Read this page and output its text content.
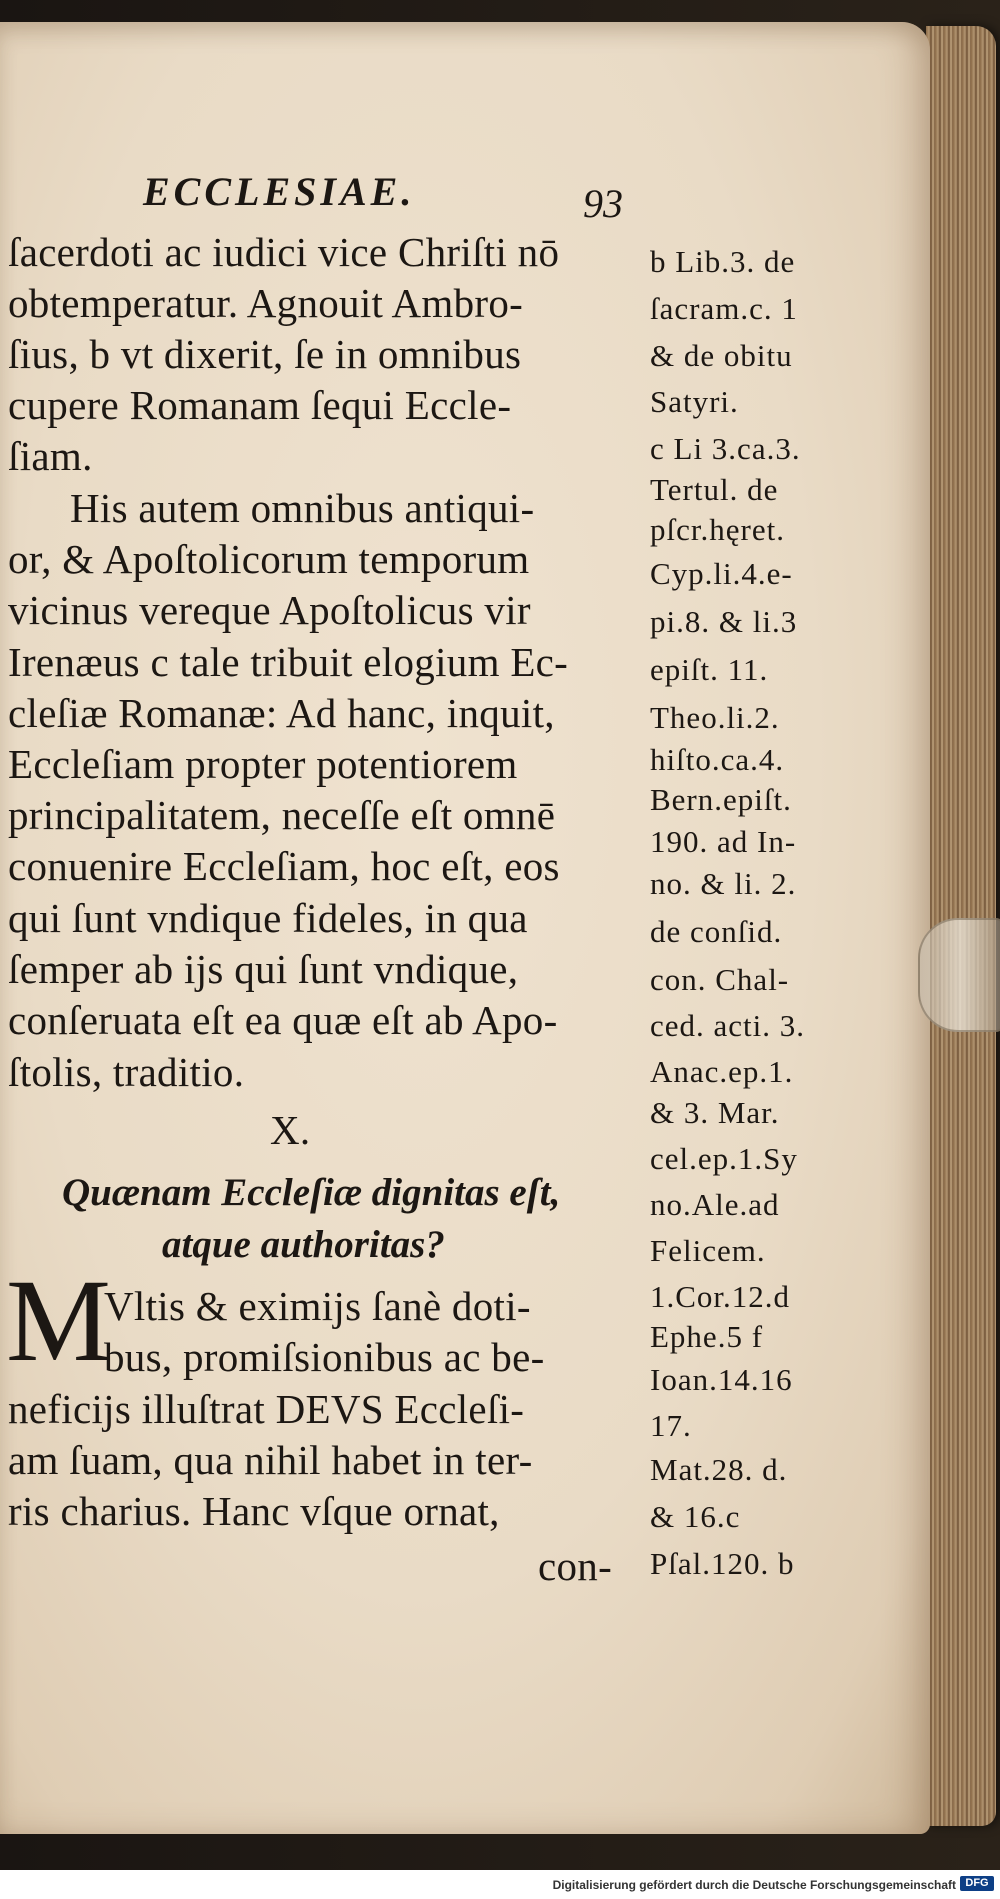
ECCLESIAE.	93
ſacerdoti ac iudici vice Chriſti nō
obtemperatur. Agnouit Ambro-
ſius, b vt dixerit, ſe in omnibus
cupere Romanam ſequi Eccle-
ſiam.
His autem omnibus antiqui-
or, & Apoſtolicorum temporum
vicinus vereque Apoſtolicus vir
Irenæus c tale tribuit elogium Ec-
cleſiæ Romanæ: Ad hanc, inquit,
Eccleſiam propter potentiorem
principalitatem, neceſſe eſt omnē
conuenire Eccleſiam, hoc eſt, eos
qui ſunt vndique fideles, in qua
ſemper ab ijs qui ſunt vndique,
conſeruata eſt ea quæ eſt ab Apo-
ſtolis, traditio.
X.
Quænam Eccleſiæ dignitas eſt,
atque authoritas?
M
Vltis & eximijs ſanè doti-
bus, promiſsionibus ac be-
neficijs illuſtrat DEVS Eccleſi-
am ſuam, qua nihil habet in ter-
ris charius. Hanc vſque ornat,
con-
b Lib.3. de
ſacram.c. 1
& de obitu
Satyri.
c Li 3.ca.3.
Tertul. de
pſcr.hęret.
Cyp.li.4.e-
pi.8. & li.3
epiſt. 11.
Theo.li.2.
hiſto.ca.4.
Bern.epiſt.
190. ad In-
no. & li. 2.
de conſid.
con. Chal-
ced. acti. 3.
Anac.ep.1.
& 3. Mar.
cel.ep.1.Sy
no.Ale.ad
Felicem.
1.Cor.12.d
Ephe.5 f
Ioan.14.16
17.
Mat.28. d.
& 16.c
Pſal.120. b
Digitalisierung gefördert durch die Deutsche Forschungsgemeinschaft DFG
